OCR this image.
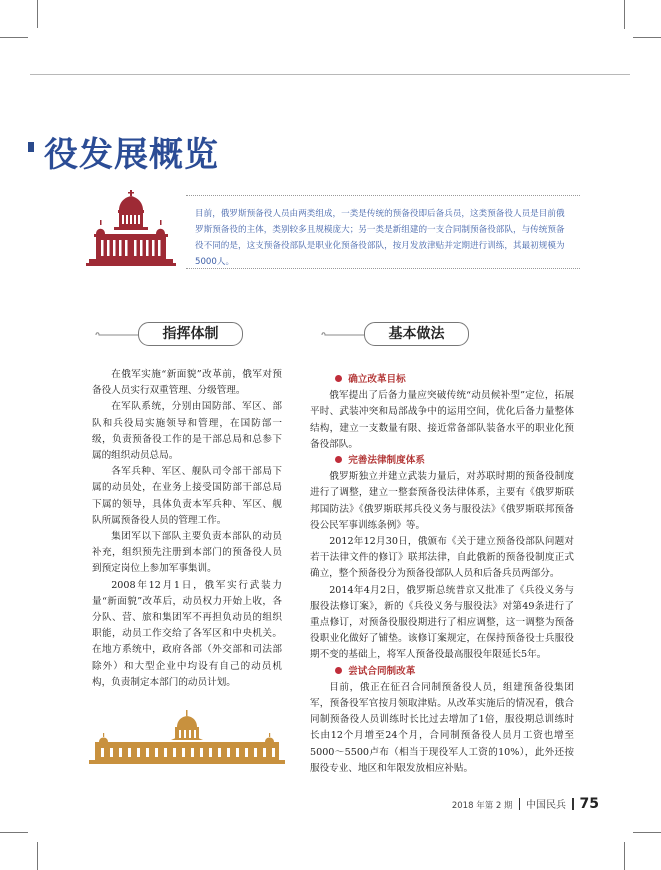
役发展概览

目前，俄罗斯预备役人员由两类组成，一类是传统的预备役即后备兵员，这类预备役人员是目前俄罗斯预备役的主体，类别较多且规模庞大；另一类是新组建的一支合同制预备役部队，与传统预备役不同的是，这支预备役部队是职业化预备役部队，按月发放津贴并定期进行训练，其最初规模为5000人。

指挥体制	基本做法

在俄军实施“新面貌”改革前，俄军对预备役人员实行双重管理、分级管理。

在军队系统，分别由国防部、军区、部队和兵役局实施领导和管理，在国防部一级，负责预备役工作的是干部总局和总参下属的组织动员总局。

各军兵种、军区、舰队司令部干部局下属的动员处，在业务上接受国防部干部总局下属的领导，具体负责本军兵种、军区、舰队所属预备役人员的管理工作。

集团军以下部队主要负责本部队的动员补充，组织预先注册到本部门的预备役人员到预定岗位上参加军事集训。

2008年12月1日，俄军实行武装力量“新面貌”改革后，动员权力开始上收，各分队、营、旅和集团军不再担负动员的组织职能，动员工作交给了各军区和中央机关。在地方系统中，政府各部（外交部和司法部除外）和大型企业中均设有自己的动员机构，负责制定本部门的动员计划。

确立改革目标

俄军提出了后备力量应突破传统“动员候补型”定位，拓展平时、武装冲突和局部战争中的运用空间，优化后备力量整体结构，建立一支数量有限、接近常备部队装备水平的职业化预备役部队。

完善法律制度体系

俄罗斯独立并建立武装力量后，对苏联时期的预备役制度进行了调整，建立一整套预备役法律体系，主要有《俄罗斯联邦国防法》《俄罗斯联邦兵役义务与服役法》《俄罗斯联邦预备役公民军事训练条例》等。

2012年12月30日，俄颁布《关于建立预备役部队问题对若干法律文件的修订》联邦法律，自此俄新的预备役制度正式确立，整个预备役分为预备役部队人员和后备兵员两部分。

2014年4月2日，俄罗斯总统普京又批准了《兵役义务与服役法修订案》，新的《兵役义务与服役法》对第49条进行了重点修订，对预备役服役期进行了相应调整，这一调整为预备役职业化做好了铺垫。该修订案规定，在保持预备役士兵服役期不变的基础上，将军人预备役最高服役年限延长5年。

尝试合同制改革

目前，俄正在征召合同制预备役人员，组建预备役集团军，预备役军官按月领取津贴。从改革实施后的情况看，俄合同制预备役人员训练时长比过去增加了1倍，服役期总训练时长由12个月增至24个月，合同制预备役人员月工资也增至5000～5500卢布（相当于现役军人工资的10%），此外还按服役专业、地区和年限发放相应补贴。

2018 年第 2 期 中国民兵 75
